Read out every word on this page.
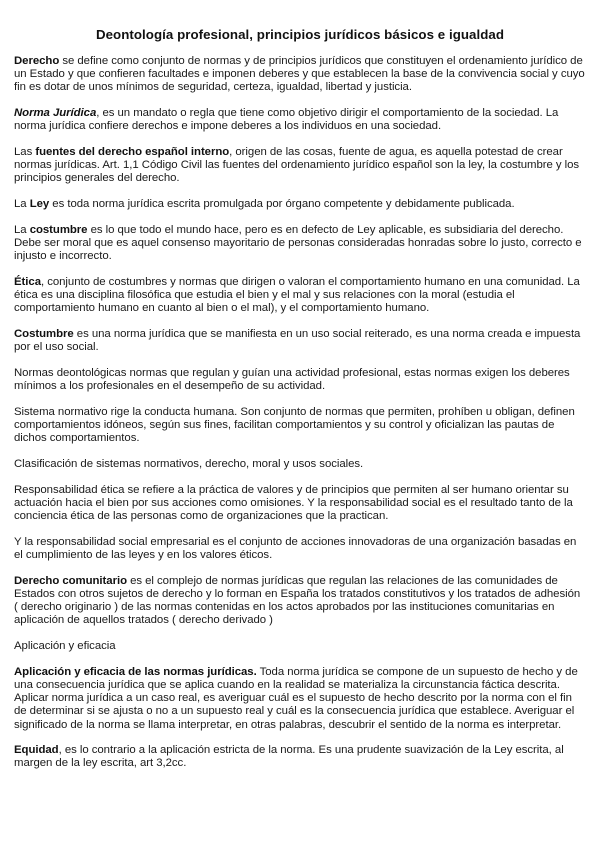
Deontología profesional, principios jurídicos básicos e igualdad

Derecho se define como conjunto de normas y de principios jurídicos que constituyen el ordenamiento jurídico de un Estado y que confieren facultades e imponen deberes y que establecen la base de la convivencia social y cuyo fin es dotar de unos mínimos de seguridad, certeza, igualdad, libertad y justicia.

Norma Jurídica, es un mandato o regla que tiene como objetivo dirigir el comportamiento de la sociedad. La norma jurídica confiere derechos e impone deberes a los individuos en una sociedad.

Las fuentes del derecho español interno, origen de las cosas, fuente de agua, es aquella potestad de crear normas jurídicas. Art. 1,1 Código Civil las fuentes del ordenamiento jurídico español son la ley, la costumbre y los principios generales del derecho.

La Ley es toda norma jurídica escrita promulgada por órgano competente y debidamente publicada.

La costumbre es lo que todo el mundo hace, pero es en defecto de Ley aplicable, es subsidiaria del derecho. Debe ser moral que es aquel consenso mayoritario de personas consideradas honradas sobre lo justo, correcto e injusto e incorrecto.

Ética, conjunto de costumbres y normas que dirigen o valoran el comportamiento humano en una comunidad. La ética es una disciplina filosófica que estudia el bien y el mal y sus relaciones con la moral (estudia el comportamiento humano en cuanto al bien o el mal), y el comportamiento humano.

Costumbre es una norma jurídica que se manifiesta en un uso social reiterado, es una norma creada e impuesta por el uso social.

Normas deontológicas normas que regulan y guían una actividad profesional, estas normas exigen los deberes mínimos a los profesionales en el desempeño de su actividad.

Sistema normativo rige la conducta humana. Son conjunto de normas que permiten, prohíben u obligan, definen comportamientos idóneos, según sus fines, facilitan comportamientos y su control y oficializan las pautas de dichos comportamientos.

Clasificación de sistemas normativos, derecho, moral y usos sociales.

Responsabilidad ética se refiere a la práctica de valores y de principios que permiten al ser humano orientar su actuación hacia el bien por sus acciones como omisiones. Y la responsabilidad social es el resultado tanto de la conciencia ética de las personas como de organizaciones que la practican.

Y la responsabilidad social empresarial es el conjunto de acciones innovadoras de una organización basadas en el cumplimiento de las leyes y en los valores éticos.

Derecho comunitario es el complejo de normas jurídicas que regulan las relaciones de las comunidades de Estados con otros sujetos de derecho y lo forman en España los tratados constitutivos y los tratados de adhesión ( derecho originario ) de las normas contenidas en los actos aprobados por las instituciones comunitarias en aplicación de aquellos tratados ( derecho derivado )

Aplicación y eficacia

Aplicación y eficacia de las normas jurídicas. Toda norma jurídica se compone de un supuesto de hecho y de una consecuencia jurídica que se aplica cuando en la realidad se materializa la circunstancia fáctica descrita. Aplicar norma jurídica a un caso real, es averiguar cuál es el supuesto de hecho descrito por la norma con el fin de determinar si se ajusta o no a un supuesto real y cuál es la consecuencia jurídica que establece. Averiguar el significado de la norma se llama interpretar, en otras palabras, descubrir el sentido de la norma es interpretar.

Equidad, es lo contrario a la aplicación estricta de la norma. Es una prudente suavización de la Ley escrita, al margen de la ley escrita, art 3,2cc.
